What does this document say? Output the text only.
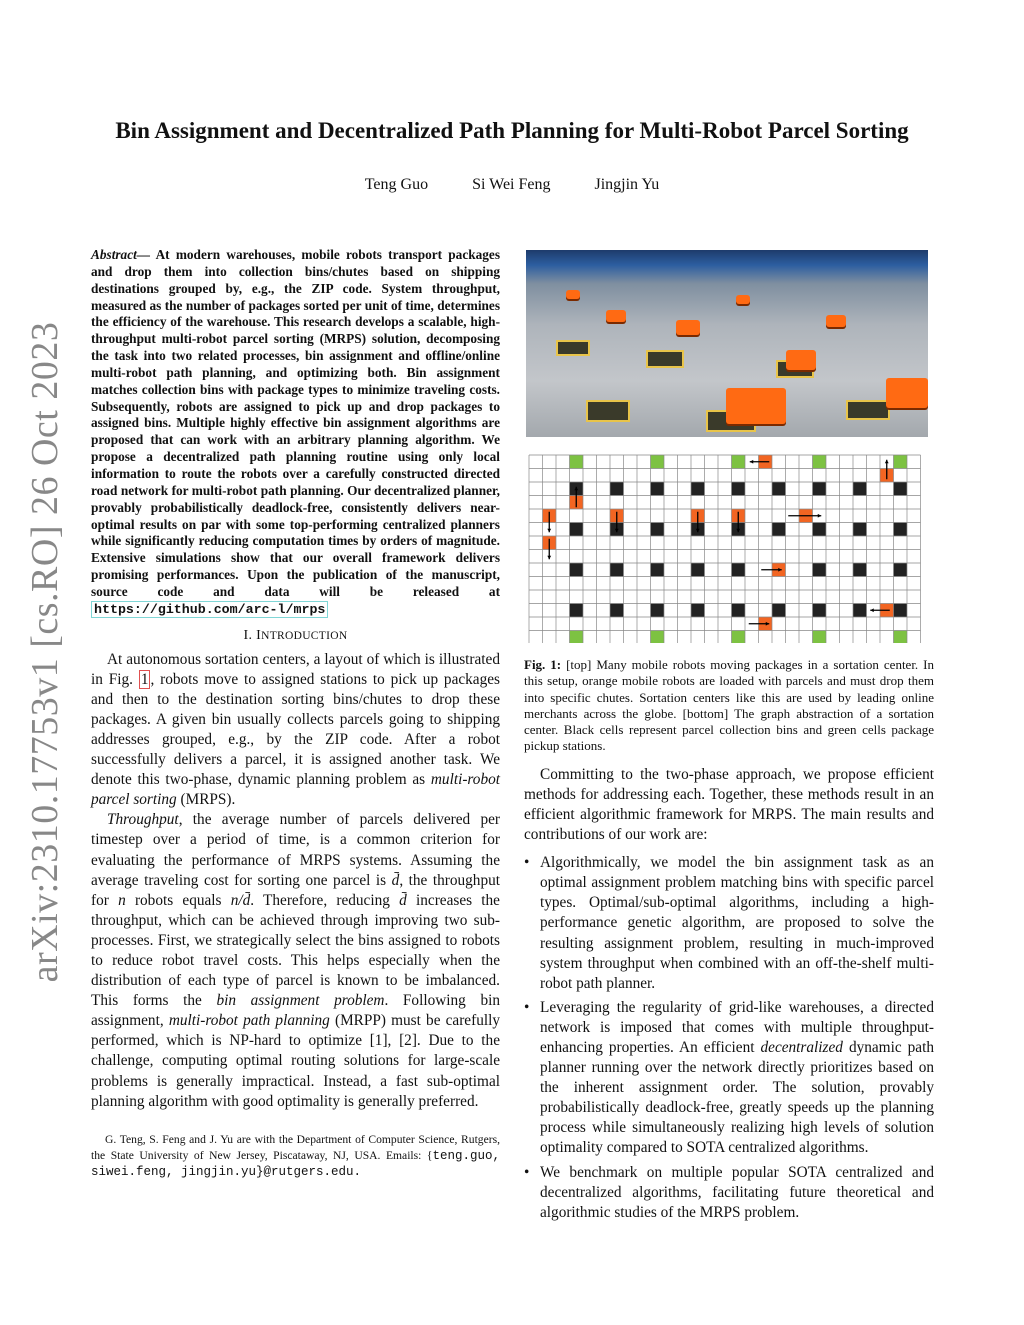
arXiv:2310.17753v1 [cs.RO] 26 Oct 2023
Bin Assignment and Decentralized Path Planning for Multi-Robot Parcel Sorting
Teng Guo	Si Wei Feng	Jingjin Yu

Abstract— At modern warehouses, mobile robots transport packages and drop them into collection bins/chutes based on shipping destinations grouped by, e.g., the ZIP code. System throughput, measured as the number of packages sorted per unit of time, determines the efficiency of the warehouse. This research develops a scalable, high-throughput multi-robot parcel sorting (MRPS) solution, decomposing the task into two related processes, bin assignment and offline/online multi-robot path planning, and optimizing both. Bin assignment matches collection bins with package types to minimize traveling costs. Subsequently, robots are assigned to pick up and drop packages to assigned bins. Multiple highly effective bin assignment algorithms are proposed that can work with an arbitrary planning algorithm. We propose a decentralized path planning routine using only local information to route the robots over a carefully constructed directed road network for multi-robot path planning. Our decentralized planner, provably probabilistically deadlock-free, consistently delivers near-optimal results on par with some top-performing centralized planners while significantly reducing computation times by orders of magnitude. Extensive simulations show that our overall framework delivers promising performances. Upon the publication of the manuscript, source code and data will be released at https://github.com/arc-l/mrps

I. INTRODUCTION

At autonomous sortation centers, a layout of which is illustrated in Fig. 1 , robots move to assigned stations to pick up packages and then to the destination sorting bins/chutes to drop these packages. A given bin usually collects parcels going to shipping addresses grouped, e.g., by the ZIP code. After a robot successfully delivers a parcel, it is assigned another task. We denote this two-phase, dynamic planning problem as multi-robot parcel sorting (MRPS).

Throughput, the average number of parcels delivered per timestep over a period of time, is a common criterion for evaluating the performance of MRPS systems. Assuming the average traveling cost for sorting one parcel is d̄, the throughput for n robots equals n/d̄. Therefore, reducing d̄ increases the throughput, which can be achieved through improving two sub-processes. First, we strategically select the bins assigned to robots to reduce robot travel costs. This helps especially when the distribution of each type of parcel is known to be imbalanced. This forms the bin assignment problem. Following bin assignment, multi-robot path planning (MRPP) must be carefully performed, which is NP-hard to optimize [1], [2]. Due to the challenge, computing optimal routing solutions for large-scale problems is generally impractical. Instead, a fast sub-optimal planning algorithm with good optimality is generally preferred.

G. Teng, S. Feng and J. Yu are with the Department of Computer Science, Rutgers, the State University of New Jersey, Piscataway, NJ, USA. Emails: {teng.guo, siwei.feng, jingjin.yu}@rutgers.edu.

Fig. 1: [top] Many mobile robots moving packages in a sortation center. In this setup, orange mobile robots are loaded with parcels and must drop them into specific chutes. Sortation centers like this are used by leading online merchants across the globe. [bottom] The graph abstraction of a sortation center. Black cells represent parcel collection bins and green cells package pickup stations.

Committing to the two-phase approach, we propose efficient methods for addressing each. Together, these methods result in an efficient algorithmic framework for MRPS. The main results and contributions of our work are:

• Algorithmically, we model the bin assignment task as an optimal assignment problem matching bins with specific parcel types. Optimal/sub-optimal algorithms, including a high-performance genetic algorithm, are proposed to solve the resulting assignment problem, resulting in much-improved system throughput when combined with an off-the-shelf multi-robot path planner.
• Leveraging the regularity of grid-like warehouses, a directed network is imposed that comes with multiple throughput-enhancing properties. An efficient decentralized dynamic path planner running over the network directly prioritizes based on the inherent assignment order. The solution, provably probabilistically deadlock-free, greatly speeds up the planning process while simultaneously realizing high levels of solution optimality compared to SOTA centralized algorithms.
• We benchmark on multiple popular SOTA centralized and decentralized algorithms, facilitating future theoretical and algorithmic studies of the MRPS problem.
